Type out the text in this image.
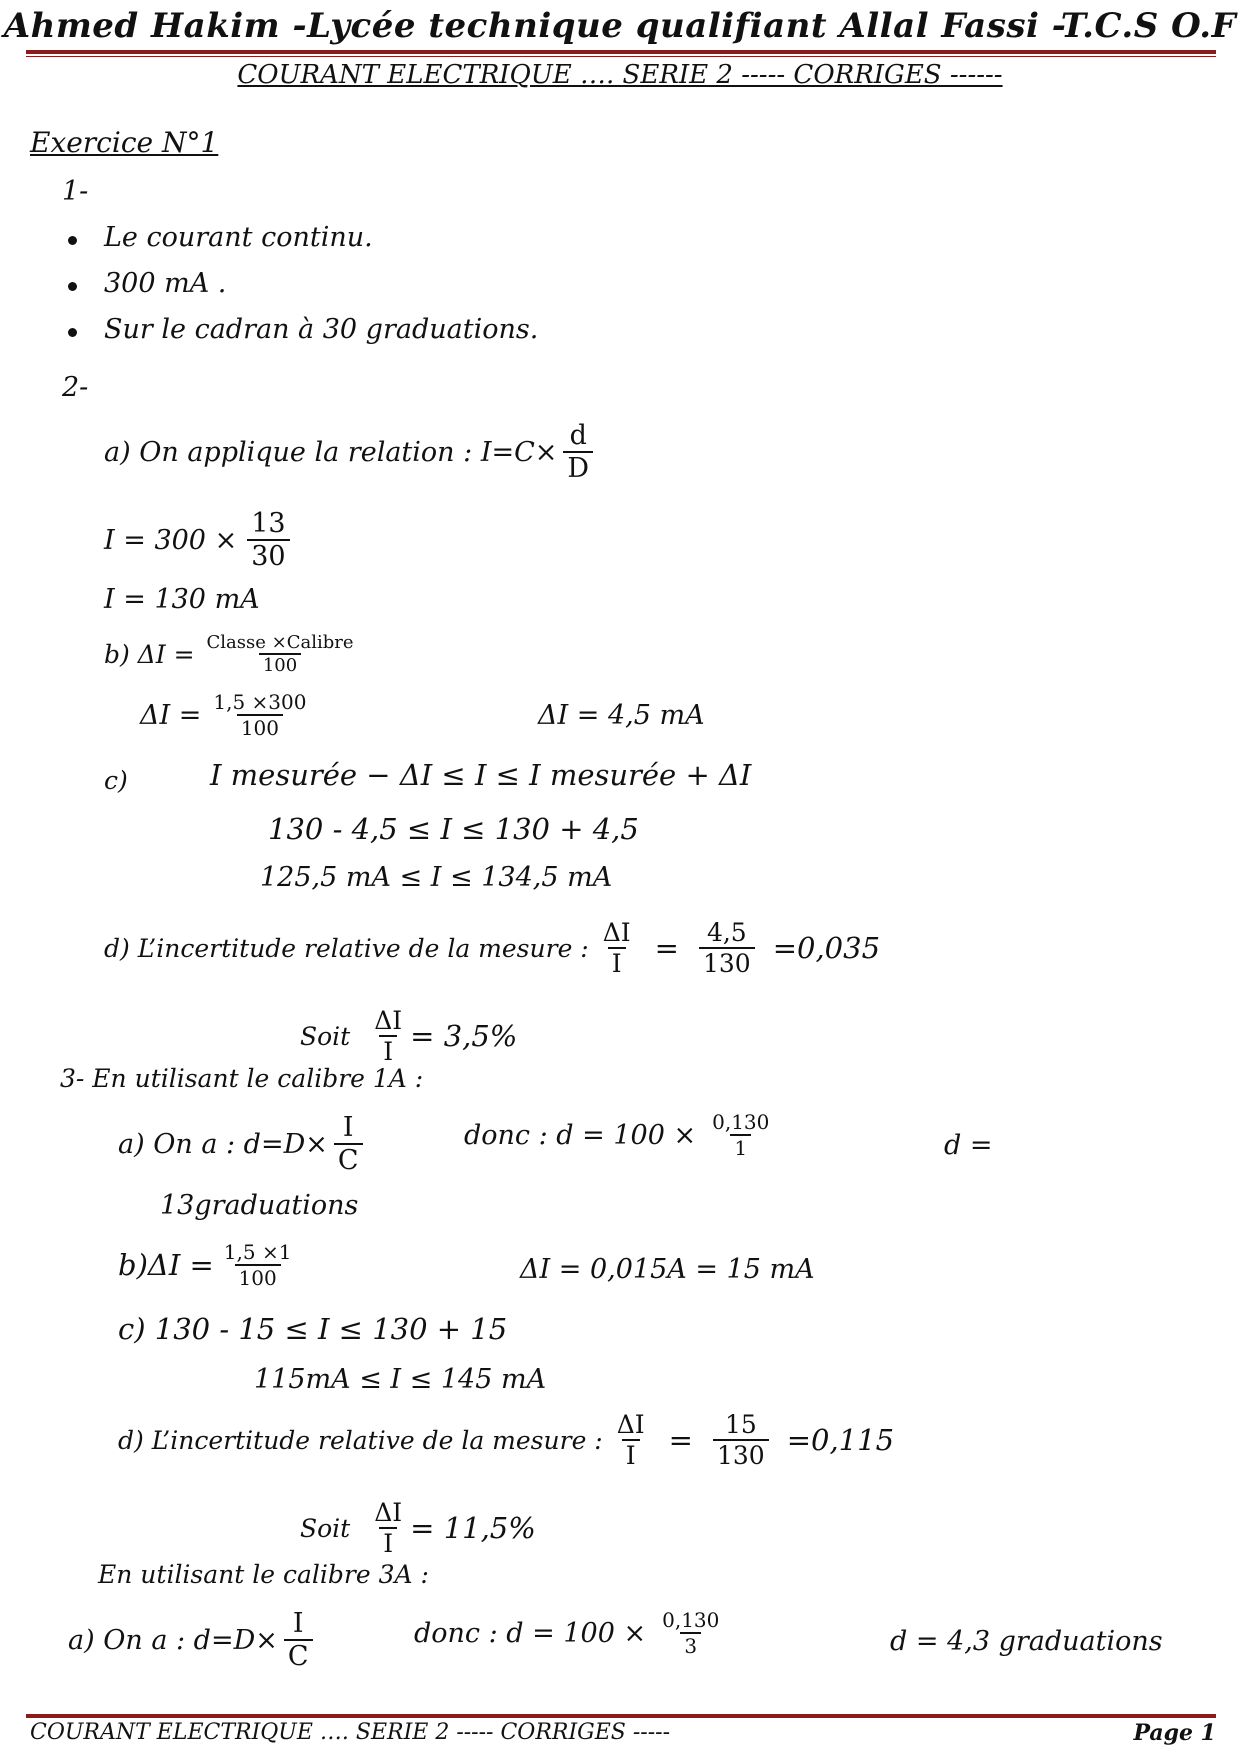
Ahmed Hakim -Lycée technique qualifiant Allal Fassi -T.C.S O.F
COURANT ELECTRIQUE …. SERIE 2 ----- CORRIGES ------
Exercice N°1
1-
Le courant continu.
300 mA .
Sur le cadran à 30 graduations.
2-
a) On applique la relation : $I=C\times \frac{d}{D}$
$I = 300 \times \frac{13}{30}$
I = 130 mA
b) $\Delta I = \frac{\text{Classe ×Calibre}}{100}$
$\Delta I = \frac{1,5 \times 300}{100}$	ΔI = 4,5 mA
c)	I mesurée − ΔI ≤ I ≤ I mesurée + ΔI
130 - 4,5 ≤ I ≤ 130 + 4,5
125,5 mA ≤ I ≤ 134,5 mA
d) L’incertitude relative de la mesure : $\frac{\Delta I}{I} = \frac{4,5}{130} =0,035$
Soit $\frac{\Delta I}{I} = 3,5\%$
3- En utilisant le calibre 1A :
a) On a : $d=D\times \frac{I}{C}$	donc : $d = 100 \times \frac{0,130}{1}$	d =
13graduations
$b)\Delta I = \frac{1,5 \times 1}{100}$	ΔI = 0,015A = 15 mA
c) 130 - 15 ≤ I ≤ 130 + 15
115mA ≤ I ≤ 145 mA
d) L’incertitude relative de la mesure : $\frac{\Delta I}{I} = \frac{15}{130} =0,115$
Soit $\frac{\Delta I}{I} = 11,5\%$
En utilisant le calibre 3A :
a) On a : $d=D\times \frac{I}{C}$	donc : $d = 100 \times \frac{0,130}{3}$	d = 4,3 graduations
COURANT ELECTRIQUE …. SERIE 2 ----- CORRIGES -----	Page 1
